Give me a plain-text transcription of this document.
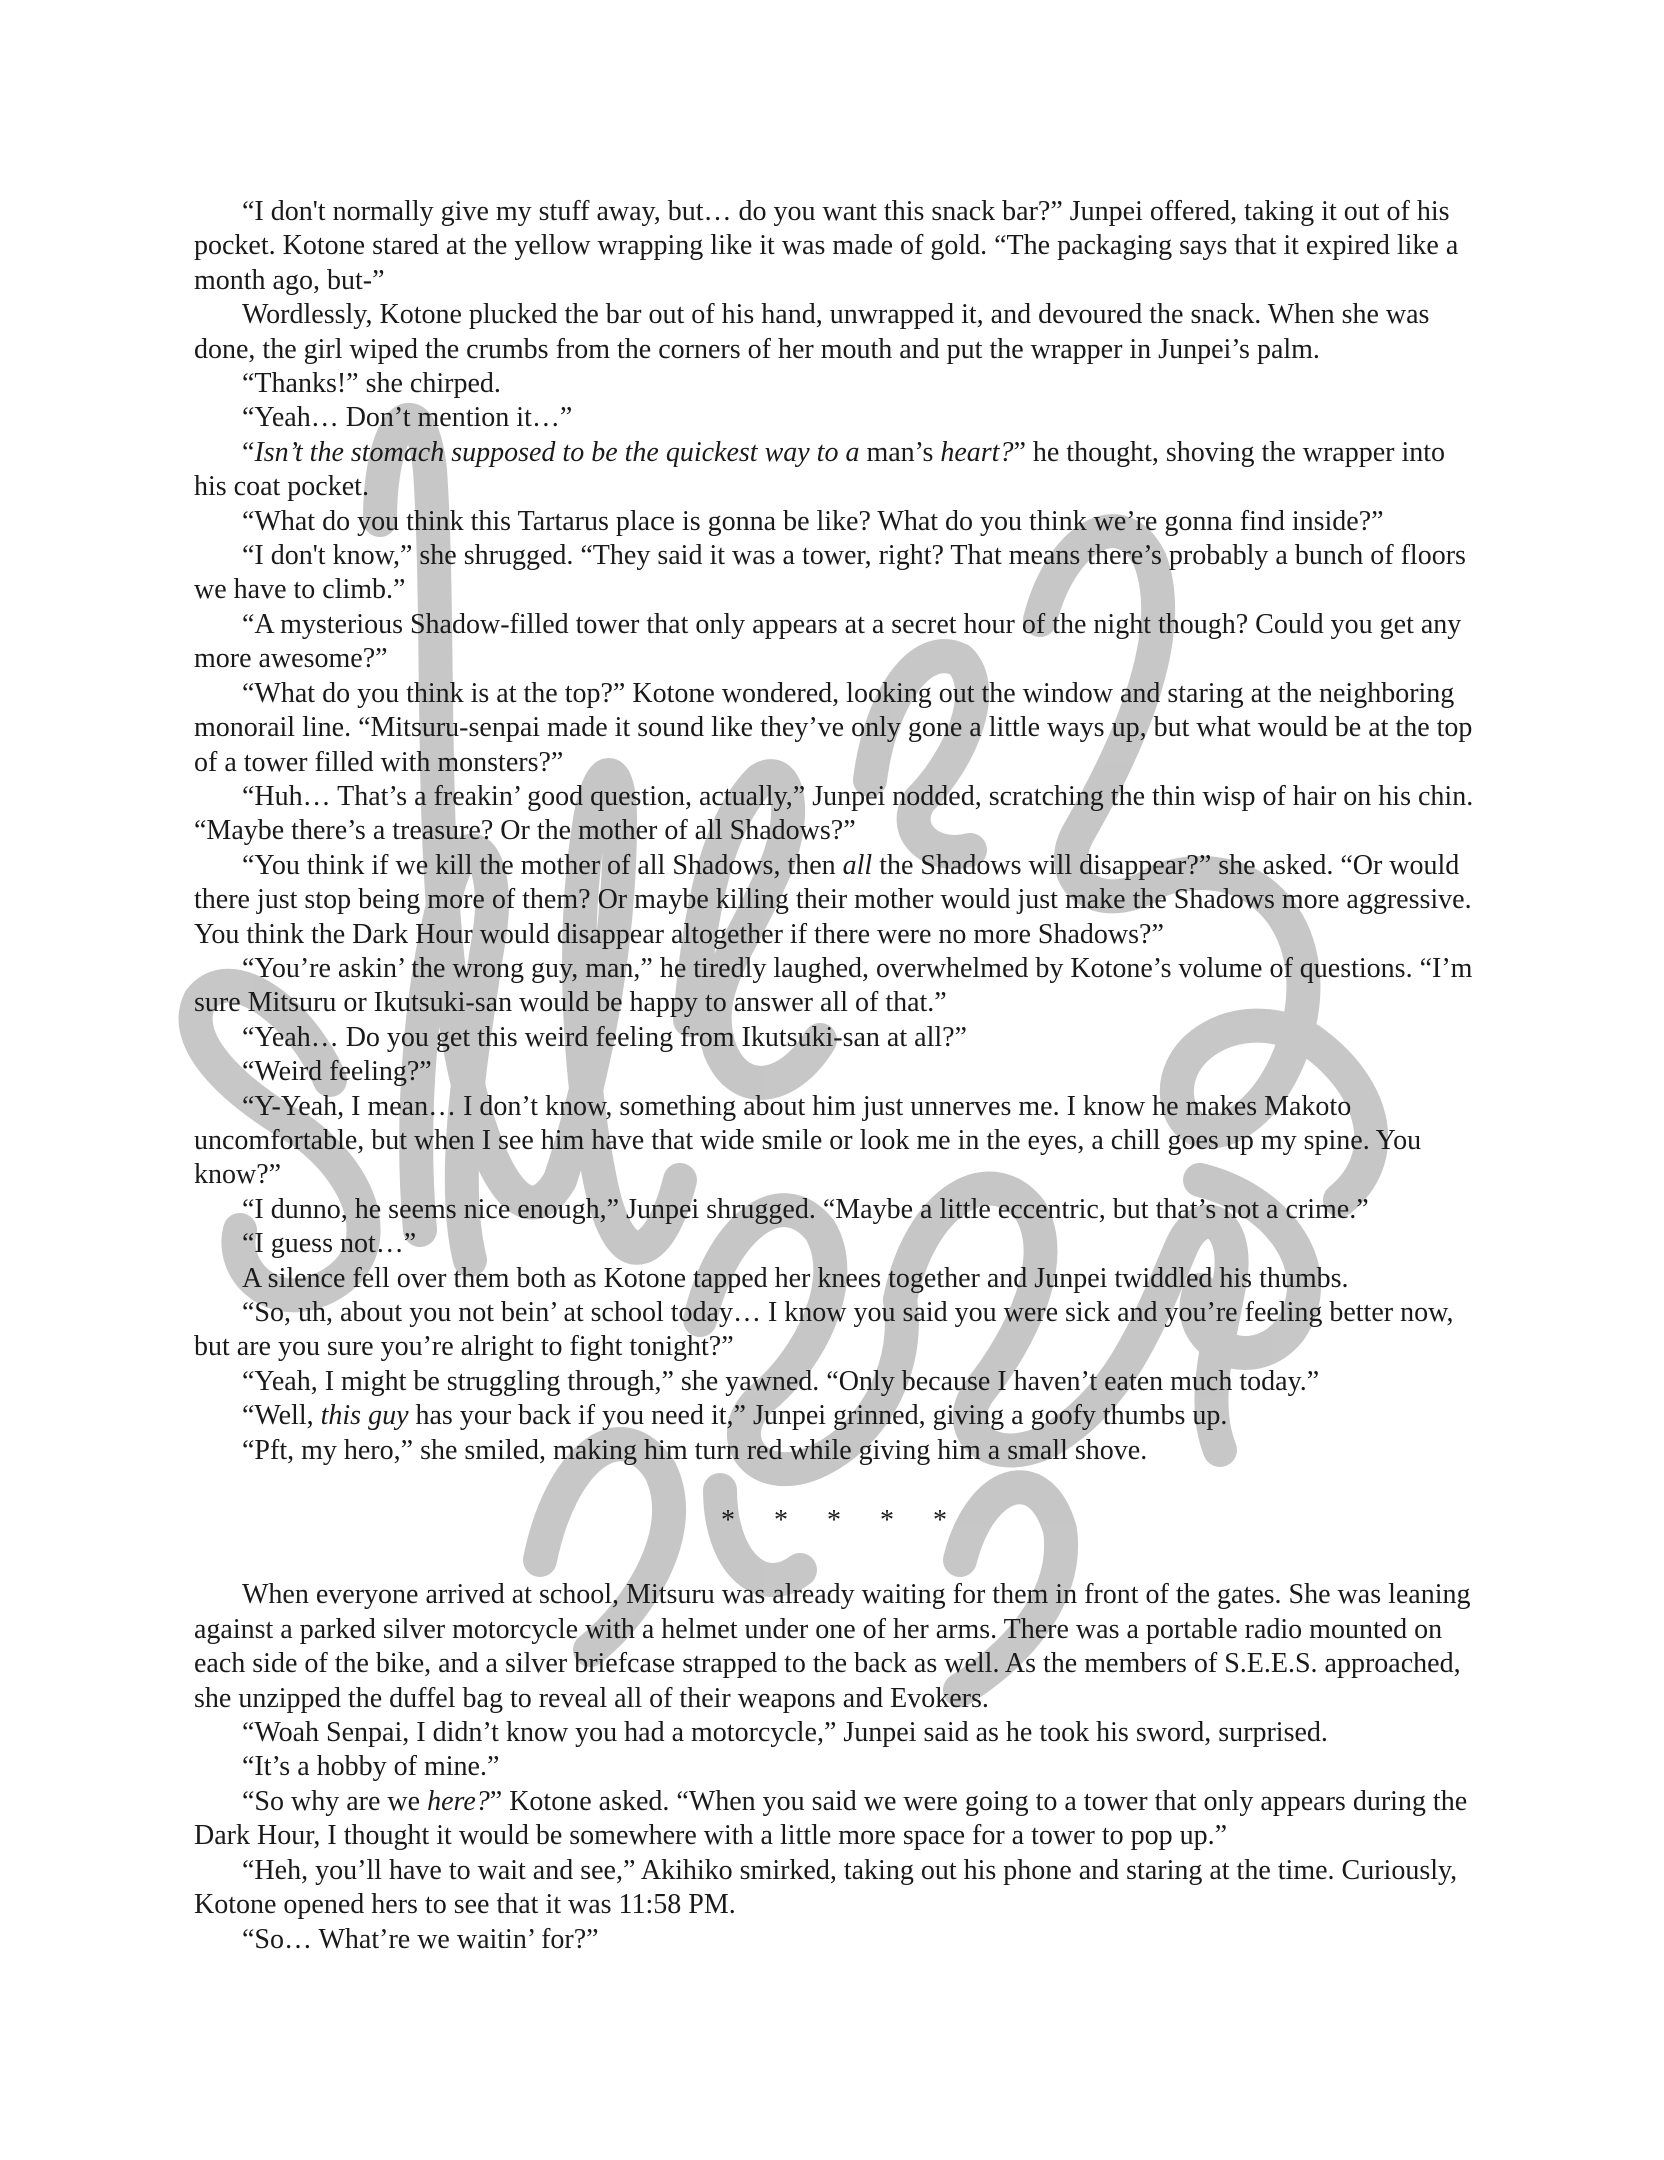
“I don't normally give my stuff away, but… do you want this snack bar?” Junpei offered, taking it out of his pocket. Kotone stared at the yellow wrapping like it was made of gold. “The packaging says that it expired like a month ago, but-”

Wordlessly, Kotone plucked the bar out of his hand, unwrapped it, and devoured the snack. When she was done, the girl wiped the crumbs from the corners of her mouth and put the wrapper in Junpei’s palm.

“Thanks!” she chirped.

“Yeah… Don’t mention it…”

“Isn’t the stomach supposed to be the quickest way to a man’s heart?” he thought, shoving the wrapper into his coat pocket.

“What do you think this Tartarus place is gonna be like? What do you think we’re gonna find inside?”

“I don't know,” she shrugged. “They said it was a tower, right? That means there’s probably a bunch of floors we have to climb.”

“A mysterious Shadow-filled tower that only appears at a secret hour of the night though? Could you get any more awesome?”

“What do you think is at the top?” Kotone wondered, looking out the window and staring at the neighboring monorail line. “Mitsuru-senpai made it sound like they’ve only gone a little ways up, but what would be at the top of a tower filled with monsters?”

“Huh… That’s a freakin’ good question, actually,” Junpei nodded, scratching the thin wisp of hair on his chin. “Maybe there’s a treasure? Or the mother of all Shadows?”

“You think if we kill the mother of all Shadows, then all the Shadows will disappear?” she asked. “Or would there just stop being more of them? Or maybe killing their mother would just make the Shadows more aggressive. You think the Dark Hour would disappear altogether if there were no more Shadows?”

“You’re askin’ the wrong guy, man,” he tiredly laughed, overwhelmed by Kotone’s volume of questions. “I’m sure Mitsuru or Ikutsuki-san would be happy to answer all of that.”

“Yeah… Do you get this weird feeling from Ikutsuki-san at all?”

“Weird feeling?”

“Y-Yeah, I mean… I don’t know, something about him just unnerves me. I know he makes Makoto uncomfortable, but when I see him have that wide smile or look me in the eyes, a chill goes up my spine. You know?”

“I dunno, he seems nice enough,” Junpei shrugged. “Maybe a little eccentric, but that’s not a crime.”

“I guess not…”

A silence fell over them both as Kotone tapped her knees together and Junpei twiddled his thumbs.

“So, uh, about you not bein’ at school today… I know you said you were sick and you’re feeling better now, but are you sure you’re alright to fight tonight?”

“Yeah, I might be struggling through,” she yawned. “Only because I haven’t eaten much today.”

“Well, this guy has your back if you need it,” Junpei grinned, giving a goofy thumbs up.

“Pft, my hero,” she smiled, making him turn red while giving him a small shove.

* * * * *

When everyone arrived at school, Mitsuru was already waiting for them in front of the gates. She was leaning against a parked silver motorcycle with a helmet under one of her arms. There was a portable radio mounted on each side of the bike, and a silver briefcase strapped to the back as well. As the members of S.E.E.S. approached, she unzipped the duffel bag to reveal all of their weapons and Evokers.

“Woah Senpai, I didn’t know you had a motorcycle,” Junpei said as he took his sword, surprised.

“It’s a hobby of mine.”

“So why are we here?” Kotone asked. “When you said we were going to a tower that only appears during the Dark Hour, I thought it would be somewhere with a little more space for a tower to pop up.”

“Heh, you’ll have to wait and see,” Akihiko smirked, taking out his phone and staring at the time. Curiously, Kotone opened hers to see that it was 11:58 PM.

“So… What’re we waitin’ for?”
